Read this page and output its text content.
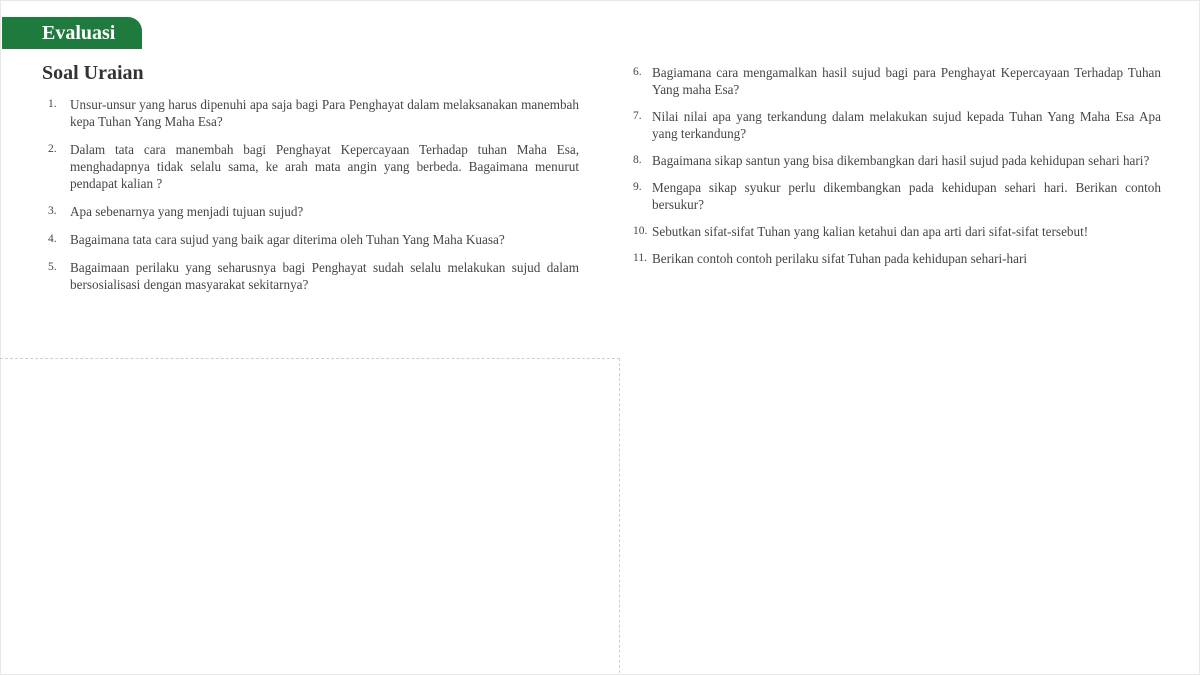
Evaluasi
Soal Uraian
1.	Unsur-unsur yang harus dipenuhi apa saja bagi Para Penghayat dalam melaksanakan manembah kepa Tuhan Yang Maha Esa?
2.	Dalam tata cara manembah bagi Penghayat Kepercayaan Terhadap tuhan Maha Esa, menghadapnya tidak selalu sama, ke arah mata angin yang berbeda. Bagaimana menurut pendapat kalian ?
3.	Apa sebenarnya yang menjadi tujuan sujud?
4.	Bagaimana tata cara sujud yang baik agar diterima oleh Tuhan Yang Maha Kuasa?
5.	Bagaimaan perilaku yang seharusnya bagi Penghayat sudah selalu melakukan sujud dalam bersosialisasi dengan masyarakat sekitarnya?
6. Bagiamana cara mengamalkan hasil sujud bagi para Penghayat Kepercayaan Terhadap Tuhan Yang maha Esa?
7. Nilai nilai apa yang terkandung dalam melakukan sujud kepada Tuhan Yang Maha Esa Apa yang terkandung?
8. Bagaimana sikap santun yang bisa dikembangkan dari hasil sujud pada kehidupan sehari hari?
9. Mengapa sikap syukur perlu dikembangkan pada kehidupan sehari hari. Berikan contoh bersukur?
10. Sebutkan sifat-sifat Tuhan yang kalian ketahui dan apa arti dari sifat-sifat tersebut!
11. Berikan contoh contoh perilaku sifat Tuhan pada kehidupan sehari-hari
